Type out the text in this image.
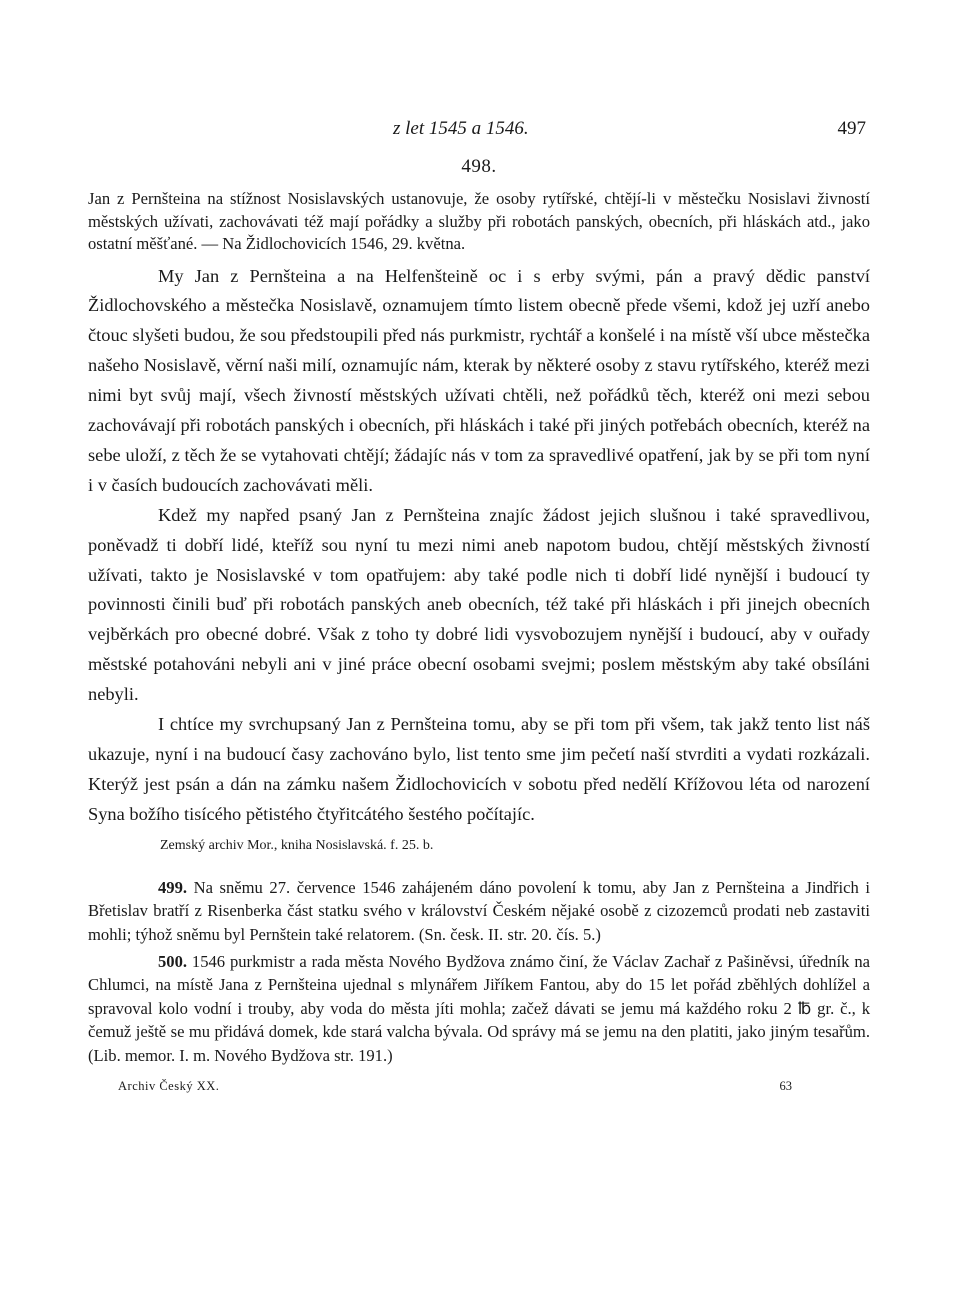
z let 1545 a 1546.	497
498.

Jan z Pernšteina na stížnost Nosislavských ustanovuje, že osoby rytířské, chtějí-li v městečku Nosislavi živností městských užívati, zachovávati též mají pořádky a služby při robotách panských, obecních, při hláskách atd., jako ostatní měšťané. — Na Židlochovicích 1546, 29. května.

My Jan z Pernšteina a na Helfenšteině oc i s erby svými, pán a pravý dědic panství Židlochovského a městečka Nosislavě, oznamujem tímto listem obecně přede všemi, kdož jej uzří anebo čtouc slyšeti budou, že sou předstoupili před nás purkmistr, rychtář a konšelé i na místě vší ubce městečka našeho Nosislavě, věrní naši milí, oznamujíc nám, kterak by některé osoby z stavu rytířského, kteréž mezi nimi byt svůj mají, všech živností městských užívati chtěli, než pořádků těch, kteréž oni mezi sebou zachovávají při robotách panských i obecních, při hláskách i také při jiných potřebách obecních, kteréž na sebe uloží, z těch že se vytahovati chtějí; žádajíc nás v tom za spravedlivé opatření, jak by se při tom nyní i v časích budoucích zachovávati měli.

Kdež my napřed psaný Jan z Pernšteina znajíc žádost jejich slušnou i také spravedlivou, poněvadž ti dobří lidé, kteříž sou nyní tu mezi nimi aneb napotom budou, chtějí městských živností užívati, takto je Nosislavské v tom opatřujem: aby také podle nich ti dobří lidé nynější i budoucí ty povinnosti činili buď při robotách panských aneb obecních, též také při hláskách i při jinejch obecních vejběrkách pro obecné dobré. Však z toho ty dobré lidi vysvobozujem nynější i budoucí, aby v ouřady městské potahováni nebyli ani v jiné práce obecní osobami svejmi; poslem městským aby také obsíláni nebyli.

I chtíce my svrchupsaný Jan z Pernšteina tomu, aby se při tom při všem, tak jakž tento list náš ukazuje, nyní i na budoucí časy zachováno bylo, list tento sme jim pečetí naší stvrditi a vydati rozkázali. Kterýž jest psán a dán na zámku našem Židlochovicích v sobotu před nedělí Křížovou léta od narození Syna božího tisícého pětistého čtyřitcátého šestého počítajíc.

Zemský archiv Mor., kniha Nosislavská. f. 25. b.

499. Na sněmu 27. července 1546 zahájeném dáno povolení k tomu, aby Jan z Pernšteina a Jindřich i Břetislav bratří z Risenberka část statku svého v království Českém nějaké osobě z cizozemců prodati neb zastaviti mohli; týhož sněmu byl Pernštein také relatorem. (Sn. česk. II. str. 20. čís. 5.)

500. 1546 purkmistr a rada města Nového Bydžova známo činí, že Václav Zachař z Pašiněvsi, úředník na Chlumci, na místě Jana z Pernšteina ujednal s mlynářem Jiříkem Fantou, aby do 15 let pořád zběhlých dohlížel a spravoval kolo vodní i trouby, aby voda do města jíti mohla; začež dávati se jemu má každého roku 2 ℔ gr. č., k čemuž ještě se mu přidává domek, kde stará valcha bývala. Od správy má se jemu na den platiti, jako jiným tesařům. (Lib. memor. I. m. Nového Bydžova str. 191.)

Archiv Český XX.	63
